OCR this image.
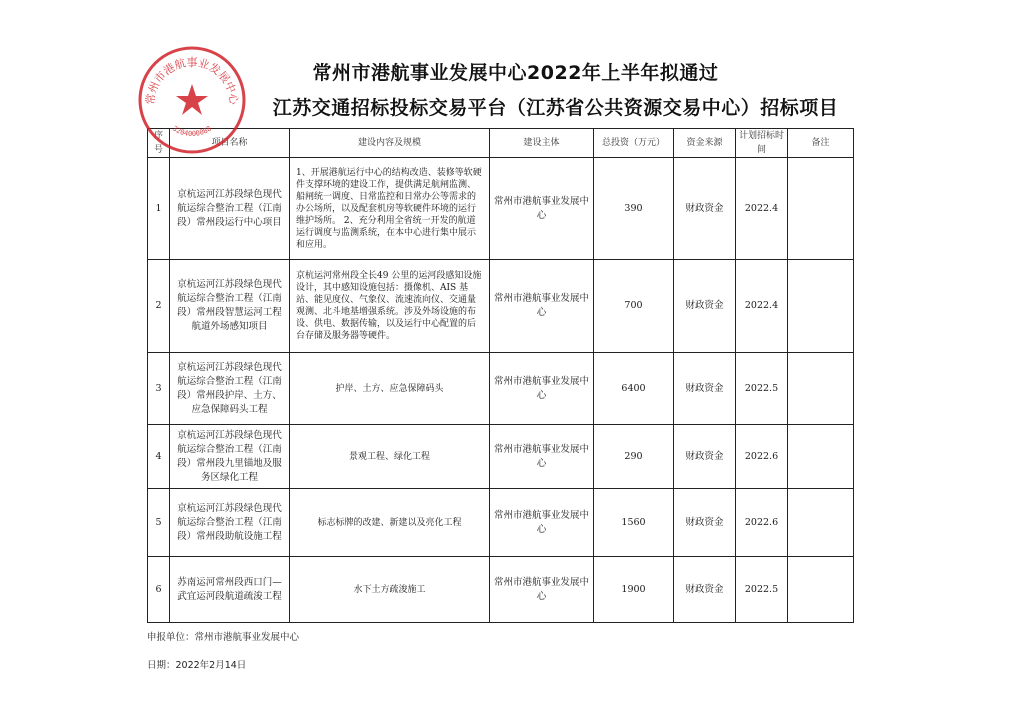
常州市港航事业发展中心2022年上半年拟通过
江苏交通招标投标交易平台（江苏省公共资源交易中心）招标项目
序号	项目名称	建设内容及规模	建设主体	总投资（万元）	资金来源	计划招标时间	备注
1	京杭运河江苏段绿色现代航运综合整治工程（江南段）常州段运行中心项目	1、开展港航运行中心的结构改造、装修等软硬件支撑环境的建设工作，提供满足航闸监测、船闸统一调度、日常监控和日常办公等需求的办公场所，以及配套机房等软硬件环境的运行维护场所。 2、充分利用全省统一开发的航道运行调度与监测系统，在本中心进行集中展示和应用。	常州市港航事业发展中心	390	财政资金	2022.4	
2	京杭运河江苏段绿色现代航运综合整治工程（江南段）常州段智慧运河工程航道外场感知项目	京杭运河常州段全长49 公里的运河段感知设施设计，其中感知设施包括：摄像机、AIS 基站、能见度仪、气象仪、流速流向仪、交通量观测、北斗地基增强系统。涉及外场设施的布设、供电、数据传输，以及运行中心配置的后台存储及服务器等硬件。	常州市港航事业发展中心	700	财政资金	2022.4	
3	京杭运河江苏段绿色现代航运综合整治工程（江南段）常州段护岸、土方、应急保障码头工程	护岸、土方、应急保障码头	常州市港航事业发展中心	6400	财政资金	2022.5	
4	京杭运河江苏段绿色现代航运综合整治工程（江南段）常州段九里锚地及服务区绿化工程	景观工程、绿化工程	常州市港航事业发展中心	290	财政资金	2022.6	
5	京杭运河江苏段绿色现代航运综合整治工程（江南段）常州段助航设施工程	标志标牌的改建、新建以及亮化工程	常州市港航事业发展中心	1560	财政资金	2022.6	
6	苏南运河常州段西口门—武宜运河段航道疏浚工程	水下土方疏浚施工	常州市港航事业发展中心	1900	财政资金	2022.5	
常州市港航事业发展中心
3204000088
申报单位：常州市港航事业发展中心
日期：2022年2月14日
